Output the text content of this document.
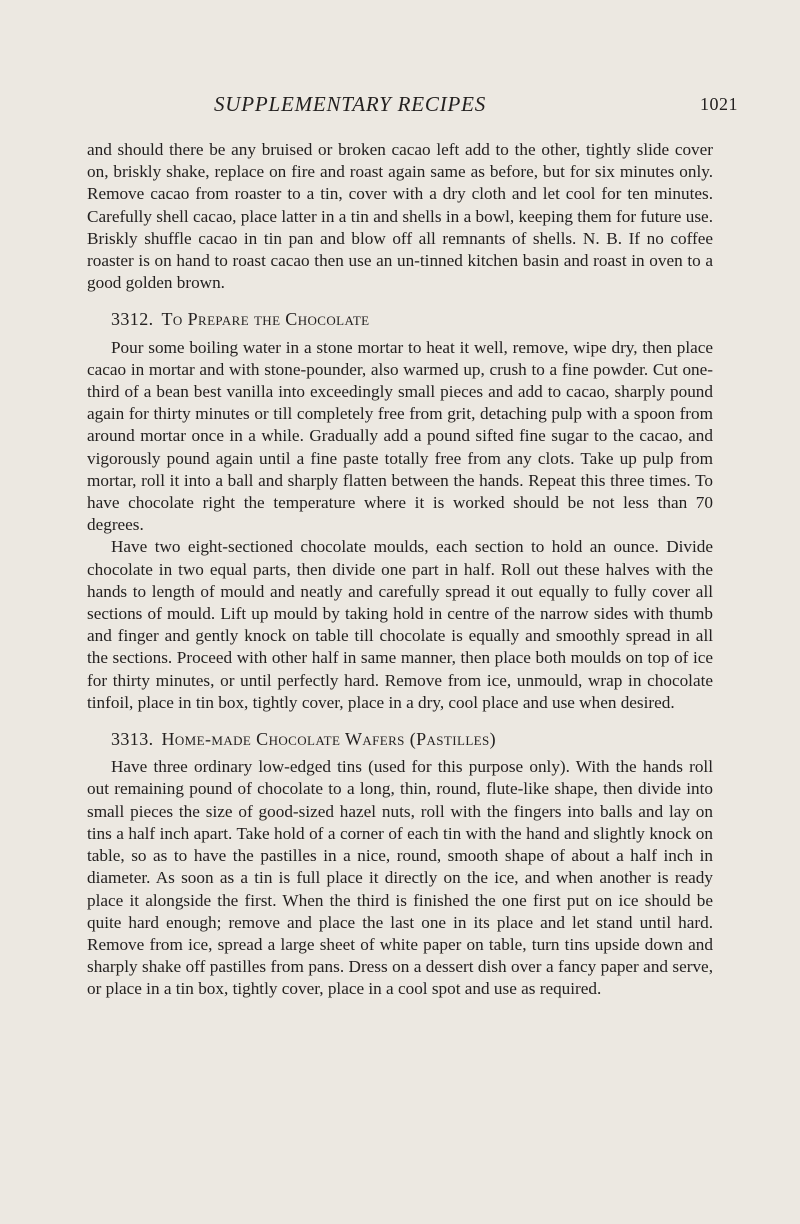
SUPPLEMENTARY RECIPES	1021

and should there be any bruised or broken cacao left add to the other, tightly slide cover on, briskly shake, replace on fire and roast again same as before, but for six minutes only. Remove cacao from roaster to a tin, cover with a dry cloth and let cool for ten minutes. Carefully shell cacao, place latter in a tin and shells in a bowl, keeping them for future use. Briskly shuffle cacao in tin pan and blow off all remnants of shells. N. B. If no coffee roaster is on hand to roast cacao then use an un-tinned kitchen basin and roast in oven to a good golden brown.

3312. To Prepare the Chocolate

Pour some boiling water in a stone mortar to heat it well, remove, wipe dry, then place cacao in mortar and with stone-pounder, also warmed up, crush to a fine powder. Cut one-third of a bean best vanilla into exceedingly small pieces and add to cacao, sharply pound again for thirty minutes or till completely free from grit, detaching pulp with a spoon from around mortar once in a while. Gradually add a pound sifted fine sugar to the cacao, and vigorously pound again until a fine paste totally free from any clots. Take up pulp from mortar, roll it into a ball and sharply flatten between the hands. Repeat this three times. To have chocolate right the temperature where it is worked should be not less than 70 degrees.

Have two eight-sectioned chocolate moulds, each section to hold an ounce. Divide chocolate in two equal parts, then divide one part in half. Roll out these halves with the hands to length of mould and neatly and carefully spread it out equally to fully cover all sections of mould. Lift up mould by taking hold in centre of the narrow sides with thumb and finger and gently knock on table till chocolate is equally and smoothly spread in all the sections. Proceed with other half in same manner, then place both moulds on top of ice for thirty minutes, or until perfectly hard. Remove from ice, unmould, wrap in chocolate tinfoil, place in tin box, tightly cover, place in a dry, cool place and use when desired.

3313. Home-made Chocolate Wafers (Pastilles)

Have three ordinary low-edged tins (used for this purpose only). With the hands roll out remaining pound of chocolate to a long, thin, round, flute-like shape, then divide into small pieces the size of good-sized hazel nuts, roll with the fingers into balls and lay on tins a half inch apart. Take hold of a corner of each tin with the hand and slightly knock on table, so as to have the pastilles in a nice, round, smooth shape of about a half inch in diameter. As soon as a tin is full place it directly on the ice, and when another is ready place it alongside the first. When the third is finished the one first put on ice should be quite hard enough; remove and place the last one in its place and let stand until hard. Remove from ice, spread a large sheet of white paper on table, turn tins upside down and sharply shake off pastilles from pans. Dress on a dessert dish over a fancy paper and serve, or place in a tin box, tightly cover, place in a cool spot and use as required.
